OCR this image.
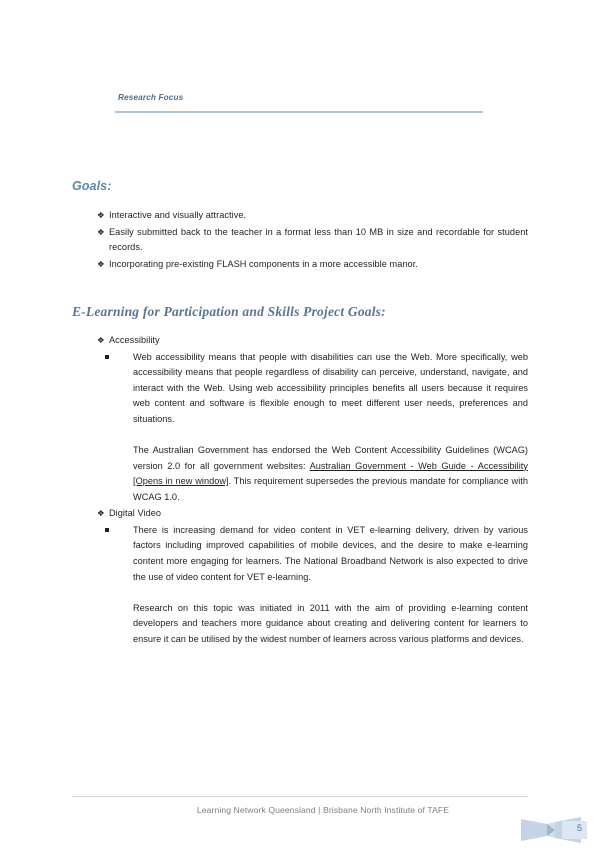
Research Focus
Goals:
❖ Interactive and visually attractive.
❖ Easily submitted back to the teacher in a format less than 10 MB in size and recordable for student records.
❖ Incorporating pre-existing FLASH components in a more accessible manor.
E-Learning for Participation and Skills Project Goals:
❖ Accessibility

Web accessibility means that people with disabilities can use the Web. More specifically, web accessibility means that people regardless of disability can perceive, understand, navigate, and interact with the Web. Using web accessibility principles benefits all users because it requires web content and software is flexible enough to meet different user needs, preferences and situations.

The Australian Government has endorsed the Web Content Accessibility Guidelines (WCAG) version 2.0 for all government websites: Australian Government - Web Guide - Accessibility [Opens in new window]. This requirement supersedes the previous mandate for compliance with WCAG 1.0.

❖ Digital Video

There is increasing demand for video content in VET e-learning delivery, driven by various factors including improved capabilities of mobile devices, and the desire to make e-learning content more engaging for learners. The National Broadband Network is also expected to drive the use of video content for VET e-learning.

Research on this topic was initiated in 2011 with the aim of providing e-learning content developers and teachers more guidance about creating and delivering content for learners to ensure it can be utilised by the widest number of learners across various platforms and devices.

Learning Network Queensland | Brisbane North Institute of TAFE
5
